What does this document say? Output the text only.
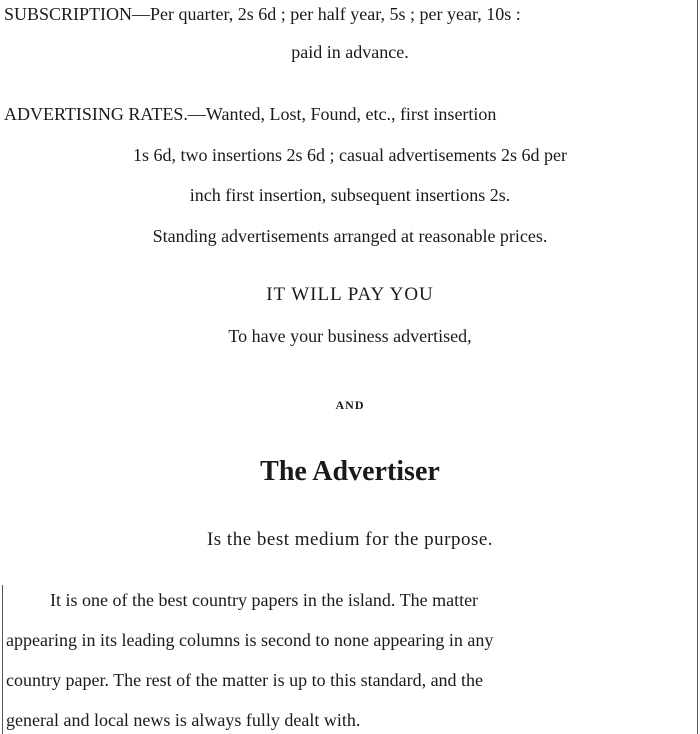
SUBSCRIPTION—Per quarter, 2s 6d ; per half year, 5s ; per year, 10s :
paid in advance.
ADVERTISING RATES.—Wanted, Lost, Found, etc., first insertion
1s 6d, two insertions 2s 6d ; casual advertisements 2s 6d per
inch first insertion, subsequent insertions 2s.
Standing advertisements arranged at reasonable prices.
IT WILL PAY YOU
To have your business advertised,
AND
The Advertiser
Is the best medium for the purpose.
It is one of the best country papers in the island. The matter
appearing in its leading columns is second to none appearing in any
country paper. The rest of the matter is up to this standard, and the
general and local news is always fully dealt with.
